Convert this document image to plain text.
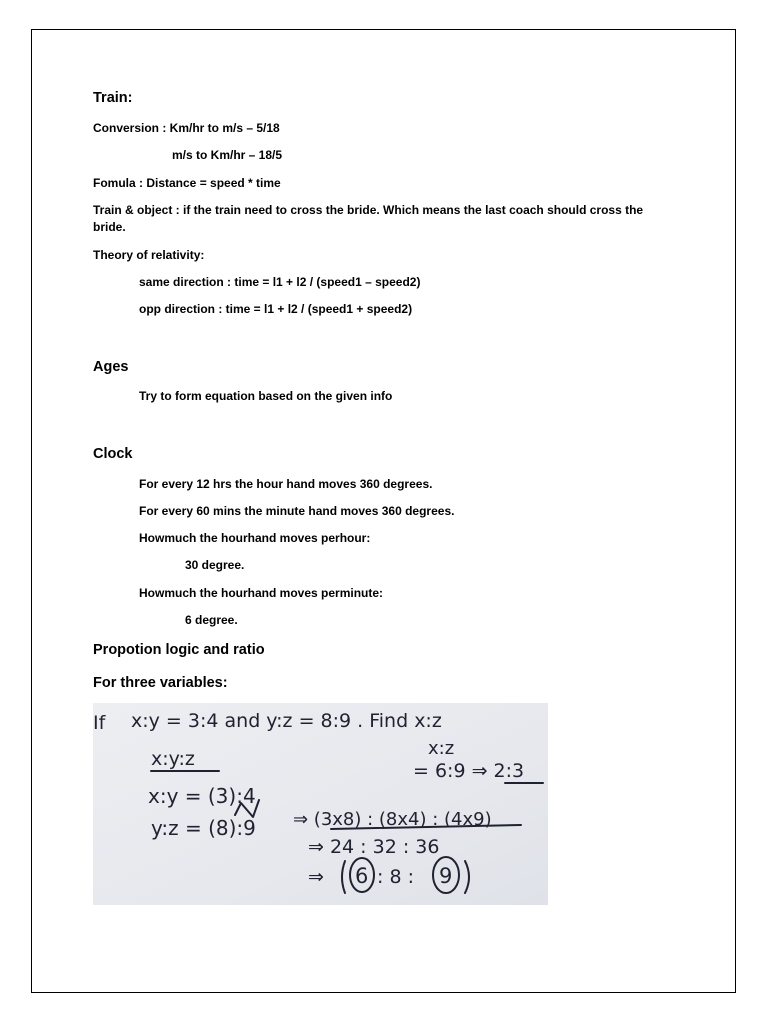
Train:
Conversion : Km/hr to m/s – 5/18
m/s to Km/hr – 18/5
Fomula : Distance = speed * time
Train & object : if the train need to cross the bride. Which means the last coach should cross the bride.
Theory of relativity:
same direction : time = l1 + l2 / (speed1 – speed2)
opp direction : time = l1 + l2 / (speed1 + speed2)
Ages
Try to form equation based on the given info
Clock
For every 12 hrs the hour hand moves 360 degrees.
For every 60 mins the minute hand moves 360 degrees.
Howmuch the hourhand moves perhour:
30 degree.
Howmuch the hourhand moves perminute:
6 degree.
Propotion logic and ratio
For three variables:
If x:y = 3:4 and y:z = 8:9 . Find x:z
x:z
x:y:z
= 6:9 ⇒ 2:3
x:y = (3):4
⇒ (3x8) : (8x4) : (4x9)
y:z = (8):9
⇒ 24 : 32 : 36
⇒ 6 : 8 : 9
